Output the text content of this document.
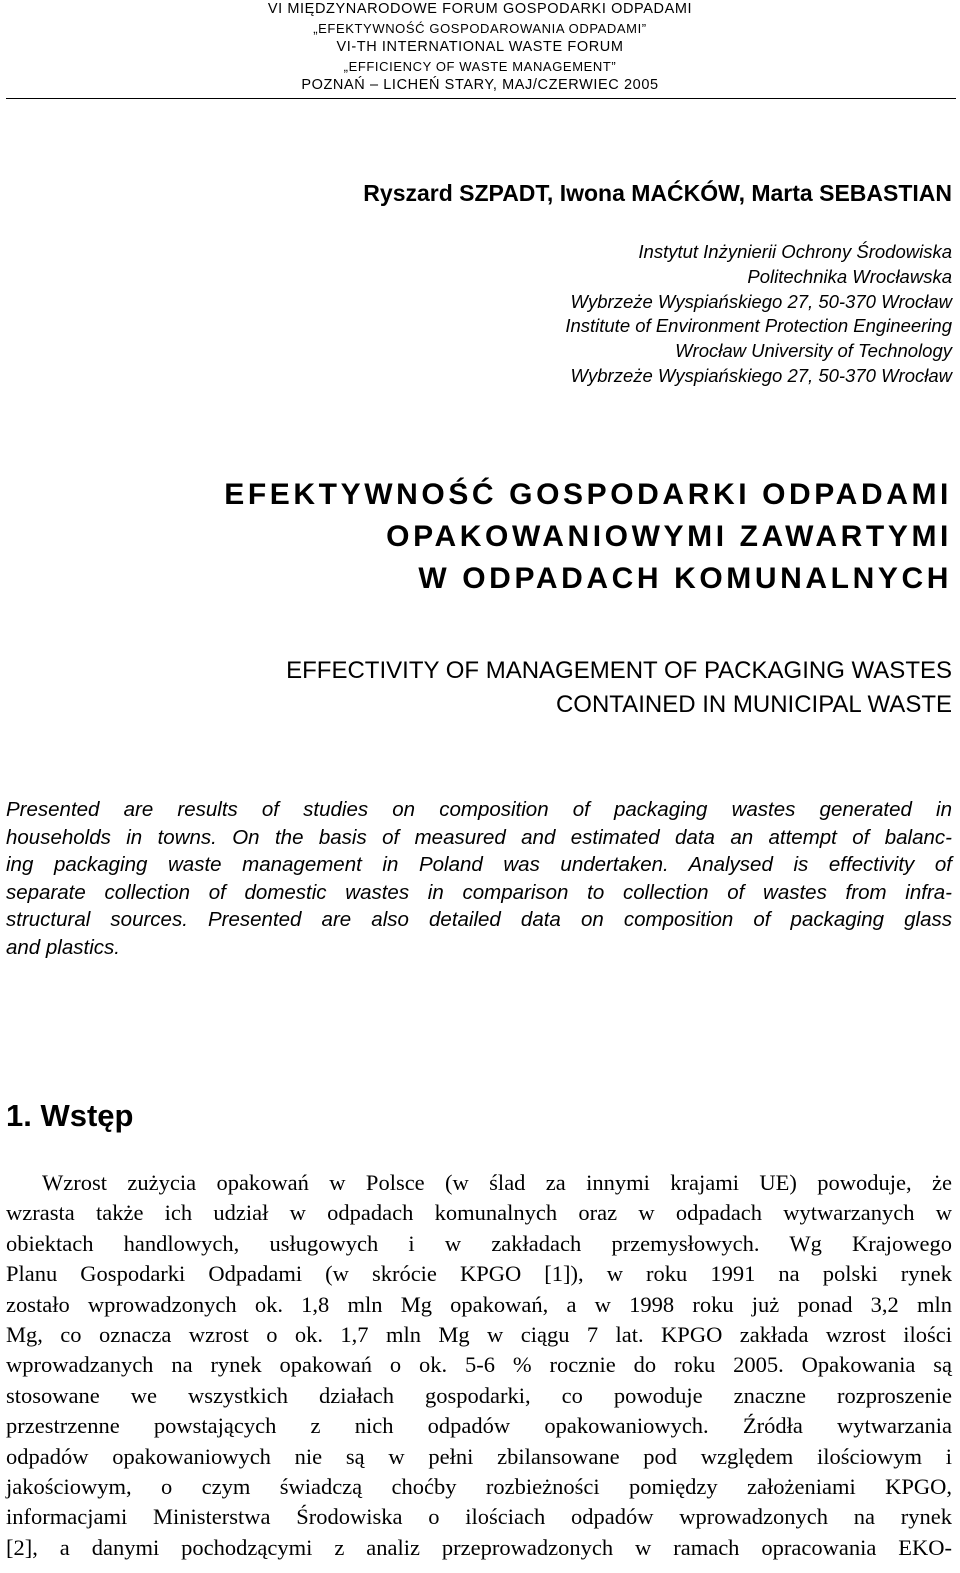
VI MIĘDZYNARODOWE FORUM GOSPODARKI ODPADAMI
„EFEKTYWNOŚĆ GOSPODAROWANIA ODPADAMI”
VI-TH INTERNATIONAL WASTE FORUM
„EFFICIENCY OF WASTE MANAGEMENT”
POZNAŃ – LICHEŃ STARY, MAJ/CZERWIEC 2005
Ryszard SZPADT, Iwona MAĆKÓW, Marta SEBASTIAN
Instytut Inżynierii Ochrony Środowiska
Politechnika Wrocławska
Wybrzeże Wyspiańskiego 27, 50-370 Wrocław
Institute of Environment Protection Engineering
Wrocław University of Technology
Wybrzeże Wyspiańskiego 27, 50-370 Wrocław
EFEKTYWNOŚĆ GOSPODARKI ODPADAMI
OPAKOWANIOWYMI ZAWARTYMI
W ODPADACH KOMUNALNYCH
EFFECTIVITY OF MANAGEMENT OF PACKAGING WASTES
CONTAINED IN MUNICIPAL WASTE
Presented are results of studies on composition of packaging wastes generated in
households in towns. On the basis of measured and estimated data an attempt of balanc-
ing packaging waste management in Poland was undertaken. Analysed is effectivity of
separate collection of domestic wastes in comparison to collection of wastes from infra-
structural sources. Presented are also detailed data on composition of packaging glass
and plastics.
1. Wstęp
Wzrost zużycia opakowań w Polsce (w ślad za innymi krajami UE) powoduje, że
wzrasta także ich udział w odpadach komunalnych oraz w odpadach wytwarzanych w
obiektach handlowych, usługowych i w zakładach przemysłowych. Wg Krajowego
Planu Gospodarki Odpadami (w skrócie KPGO [1]), w roku 1991 na polski rynek
zostało wprowadzonych ok. 1,8 mln Mg opakowań, a w 1998 roku już ponad 3,2 mln
Mg, co oznacza wzrost o ok. 1,7 mln Mg w ciągu 7 lat. KPGO zakłada wzrost ilości
wprowadzanych na rynek opakowań o ok. 5-6 % rocznie do roku 2005. Opakowania są
stosowane we wszystkich działach gospodarki, co powoduje znaczne rozproszenie
przestrzenne powstających z nich odpadów opakowaniowych. Źródła wytwarzania
odpadów opakowaniowych nie są w pełni zbilansowane pod względem ilościowym i
jakościowym, o czym świadczą choćby rozbieżności pomiędzy założeniami KPGO,
informacjami Ministerstwa Środowiska o ilościach odpadów wprowadzonych na rynek
[2], a danymi pochodzącymi z analiz przeprowadzonych w ramach opracowania EKO-
